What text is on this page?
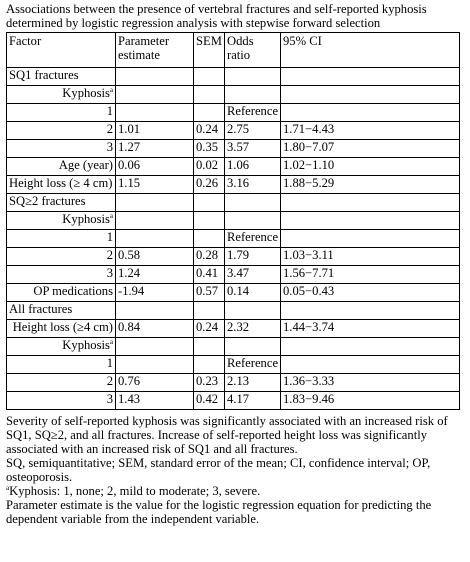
Associations between the presence of vertebral fractures and self-reported kyphosis determined by logistic regression analysis with stepwise forward selection
Factor	Parameter estimate	SEM	Odds ratio	95% CI
SQ1 fractures				
Kyphosis$^a$				
1			Reference	
2	1.01	0.24	2.75	1.71−4.43
3	1.27	0.35	3.57	1.80−7.07
Age (year)	0.06	0.02	1.06	1.02−1.10
Height loss (≥ 4 cm)	1.15	0.26	3.16	1.88−5.29
SQ≥2 fractures				
Kyphosis$^a$				
1			Reference	
2	0.58	0.28	1.79	1.03−3.11
3	1.24	0.41	3.47	1.56−7.71
OP medications	-1.94	0.57	0.14	0.05−0.43
All fractures				
Height loss (≥4 cm)	0.84	0.24	2.32	1.44−3.74
Kyphosis$^a$				
1			Reference	
2	0.76	0.23	2.13	1.36−3.33
3	1.43	0.42	4.17	1.83−9.46

Severity of self-reported kyphosis was significantly associated with an increased risk of SQ1, SQ≥2, and all fractures. Increase of self-reported height loss was significantly associated with an increased risk of SQ1 and all fractures.

SQ, semiquantitative; SEM, standard error of the mean; CI, confidence interval; OP, osteoporosis.

$^a$Kyphosis: 1, none; 2, mild to moderate; 3, severe.

Parameter estimate is the value for the logistic regression equation for predicting the dependent variable from the independent variable.
